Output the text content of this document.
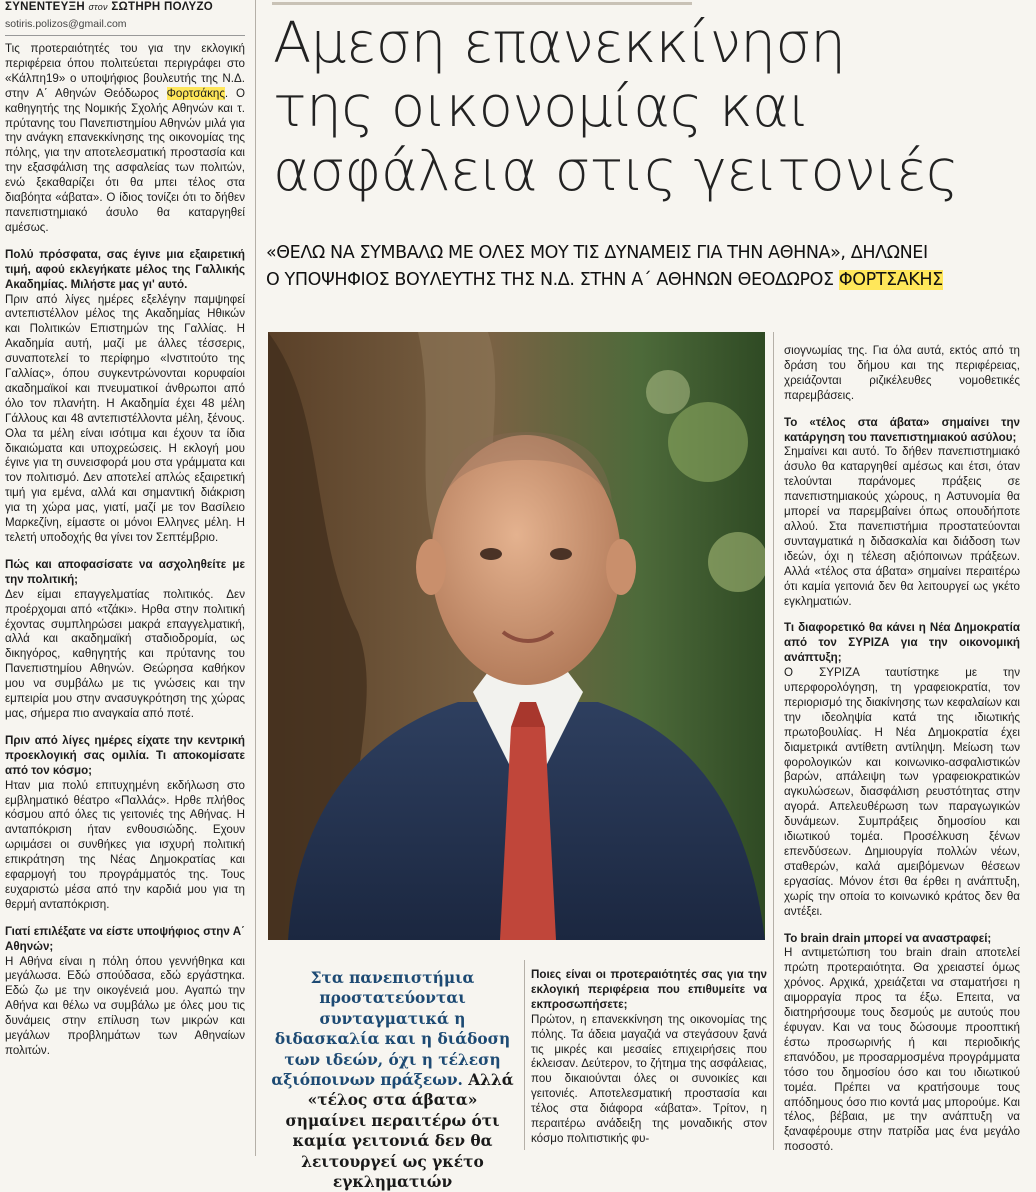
ΣΥΝΕΝΤΕΥΞΗ στον ΣΩΤΗΡΗ ΠΟΛΥΖΟ
sotiris.polizos@gmail.com

Τις προτεραιότητές του για την εκλογική περιφέρεια όπου πολιτεύεται περιγράφει στο «Κάλπη19» ο υποψήφιος βουλευτής της Ν.Δ. στην Α΄ Αθηνών Θεόδωρος Φορτσάκης. Ο καθηγητής της Νομικής Σχολής Αθηνών και τ. πρύτανης του Πανεπιστημίου Αθηνών μιλά για την ανάγκη επανεκκίνησης της οικονομίας της πόλης, για την αποτελεσματική προστασία και την εξασφάλιση της ασφαλείας των πολιτών, ενώ ξεκαθαρίζει ότι θα μπει τέλος στα διαβόητα «άβατα». Ο ίδιος τονίζει ότι το δήθεν πανεπιστημιακό άσυλο θα καταργηθεί αμέσως.

Πολύ πρόσφατα, σας έγινε μια εξαιρετική τιμή, αφού εκλεγήκατε μέλος της Γαλλικής Ακαδημίας. Μιλήστε μας γι' αυτό.

Πριν από λίγες ημέρες εξελέγην παμψηφεί αντεπιστέλλον μέλος της Ακαδημίας Ηθικών και Πολιτικών Επιστημών της Γαλλίας. Η Ακαδημία αυτή, μαζί με άλλες τέσσερις, συναποτελεί το περίφημο «Ινστιτούτο της Γαλλίας», όπου συγκεντρώνονται κορυφαίοι ακαδημαϊκοί και πνευματικοί άνθρωποι από όλο τον πλανήτη. Η Ακαδημία έχει 48 μέλη Γάλλους και 48 αντεπιστέλλοντα μέλη, ξένους. Ολα τα μέλη είναι ισότιμα και έχουν τα ίδια δικαιώματα και υποχρεώσεις. Η εκλογή μου έγινε για τη συνεισφορά μου στα γράμματα και τον πολιτισμό. Δεν αποτελεί απλώς εξαιρετική τιμή για εμένα, αλλά και σημαντική διάκριση για τη χώρα μας, γιατί, μαζί με τον Βασίλειο Μαρκεζίνη, είμαστε οι μόνοι Ελληνες μέλη. Η τελετή υποδοχής θα γίνει τον Σεπτέμβριο.

Πώς και αποφασίσατε να ασχοληθείτε με την πολιτική;

Δεν είμαι επαγγελματίας πολιτικός. Δεν προέρχομαι από «τζάκι». Ηρθα στην πολιτική έχοντας συμπληρώσει μακρά επαγγελματική, αλλά και ακαδημαϊκή σταδιοδρομία, ως δικηγόρος, καθηγητής και πρύτανης του Πανεπιστημίου Αθηνών. Θεώρησα καθήκον μου να συμβάλω με τις γνώσεις και την εμπειρία μου στην ανασυγκρότηση της χώρας μας, σήμερα πιο αναγκαία από ποτέ.

Πριν από λίγες ημέρες είχατε την κεντρική προεκλογική σας ομιλία. Τι αποκομίσατε από τον κόσμο;

Ηταν μια πολύ επιτυχημένη εκδήλωση στο εμβληματικό θέατρο «Παλλάς». Ηρθε πλήθος κόσμου από όλες τις γειτονιές της Αθήνας. Η ανταπόκριση ήταν ενθουσιώδης. Εχουν ωριμάσει οι συνθήκες για ισχυρή πολιτική επικράτηση της Νέας Δημοκρατίας και εφαρμογή του προγράμματός της. Τους ευχαριστώ μέσα από την καρδιά μου για τη θερμή ανταπόκριση.

Γιατί επιλέξατε να είστε υποψήφιος στην Α΄ Αθηνών;

Η Αθήνα είναι η πόλη όπου γεννήθηκα και μεγάλωσα. Εδώ σπούδασα, εδώ εργάστηκα. Εδώ ζω με την οικογένειά μου. Αγαπώ την Αθήνα και θέλω να συμβάλω με όλες μου τις δυνάμεις στην επίλυση των μικρών και μεγάλων προβλημάτων των Αθηναίων πολιτών.

Αμεση επανεκκίνηση
της οικονομίας και
ασφάλεια στις γειτονιές
«ΘΕΛΩ ΝΑ ΣΥΜΒΑΛΩ ΜΕ ΟΛΕΣ ΜΟΥ ΤΙΣ ΔΥΝΑΜΕΙΣ ΓΙΑ ΤΗΝ ΑΘΗΝΑ», ΔΗΛΩΝΕΙ
Ο ΥΠΟΨΗΦΙΟΣ ΒΟΥΛΕΥΤΗΣ ΤΗΣ Ν.Δ. ΣΤΗΝ Α΄ ΑΘΗΝΩΝ ΘΕΟΔΩΡΟΣ ΦΟΡΤΣΑΚΗΣ
Στα πανεπιστήμια προστατεύονται συνταγματικά η διδασκαλία και η διάδοση των ιδεών, όχι η τέλεση αξιόποινων πράξεων. Αλλά «τέλος στα άβατα» σημαίνει περαιτέρω ότι καμία γειτονιά δεν θα λειτουργεί ως γκέτο εγκληματιών

Ποιες είναι οι προτεραιότητές σας για την εκλογική περιφέρεια που επιθυμείτε να εκπροσωπήσετε;

Πρώτον, η επανεκκίνηση της οικονομίας της πόλης. Τα άδεια μαγαζιά να στεγάσουν ξανά τις μικρές και μεσαίες επιχειρήσεις που έκλεισαν. Δεύτερον, το ζήτημα της ασφάλειας, που δικαιούνται όλες οι συνοικίες και γειτονιές. Αποτελεσματική προστασία και τέλος στα διάφορα «άβατα». Τρίτον, η περαιτέρω ανάδειξη της μοναδικής στον κόσμο πολιτιστικής φυ-

σιογνωμίας της. Για όλα αυτά, εκτός από τη δράση του δήμου και της περιφέρειας, χρειάζονται ριζικέλευθες νομοθετικές παρεμβάσεις.

Το «τέλος στα άβατα» σημαίνει την κατάργηση του πανεπιστημιακού ασύλου;

Σημαίνει και αυτό. Το δήθεν πανεπιστημιακό άσυλο θα καταργηθεί αμέσως και έτσι, όταν τελούνται παράνομες πράξεις σε πανεπιστημιακούς χώρους, η Αστυνομία θα μπορεί να παρεμβαίνει όπως οπουδήποτε αλλού. Στα πανεπιστήμια προστατεύονται συνταγματικά η διδασκαλία και διάδοση των ιδεών, όχι η τέλεση αξιόποινων πράξεων. Αλλά «τέλος στα άβατα» σημαίνει περαιτέρω ότι καμία γειτονιά δεν θα λειτουργεί ως γκέτο εγκληματιών.

Τι διαφορετικό θα κάνει η Νέα Δημοκρατία από τον ΣΥΡΙΖΑ για την οικονομική ανάπτυξη;

Ο ΣΥΡΙΖΑ ταυτίστηκε με την υπερφορολόγηση, τη γραφειοκρατία, τον περιορισμό της διακίνησης των κεφαλαίων και την ιδεοληψία κατά της ιδιωτικής πρωτοβουλίας. Η Νέα Δημοκρατία έχει διαμετρικά αντίθετη αντίληψη. Μείωση των φορολογικών και κοινωνικο-ασφαλιστικών βαρών, απάλειψη των γραφειοκρατικών αγκυλώσεων, διασφάλιση ρευστότητας στην αγορά. Απελευθέρωση των παραγωγικών δυνάμεων. Συμπράξεις δημοσίου και ιδιωτικού τομέα. Προσέλκυση ξένων επενδύσεων. Δημιουργία πολλών νέων, σταθερών, καλά αμειβόμενων θέσεων εργασίας. Μόνον έτσι θα έρθει η ανάπτυξη, χωρίς την οποία το κοινωνικό κράτος δεν θα αντέξει.

Το brain drain μπορεί να αναστραφεί;

Η αντιμετώπιση του brain drain αποτελεί πρώτη προτεραιότητα. Θα χρειαστεί όμως χρόνος. Αρχικά, χρειάζεται να σταματήσει η αιμορραγία προς τα έξω. Επειτα, να διατηρήσουμε τους δεσμούς με αυτούς που έφυγαν. Και να τους δώσουμε προοπτική έστω προσωρινής ή και περιοδικής επανόδου, με προσαρμοσμένα προγράμματα τόσο του δημοσίου όσο και του ιδιωτικού τομέα. Πρέπει να κρατήσουμε τους απόδημους όσο πιο κοντά μας μπορούμε. Και τέλος, βέβαια, με την ανάπτυξη να ξαναφέρουμε στην πατρίδα μας ένα μεγάλο ποσοστό.
